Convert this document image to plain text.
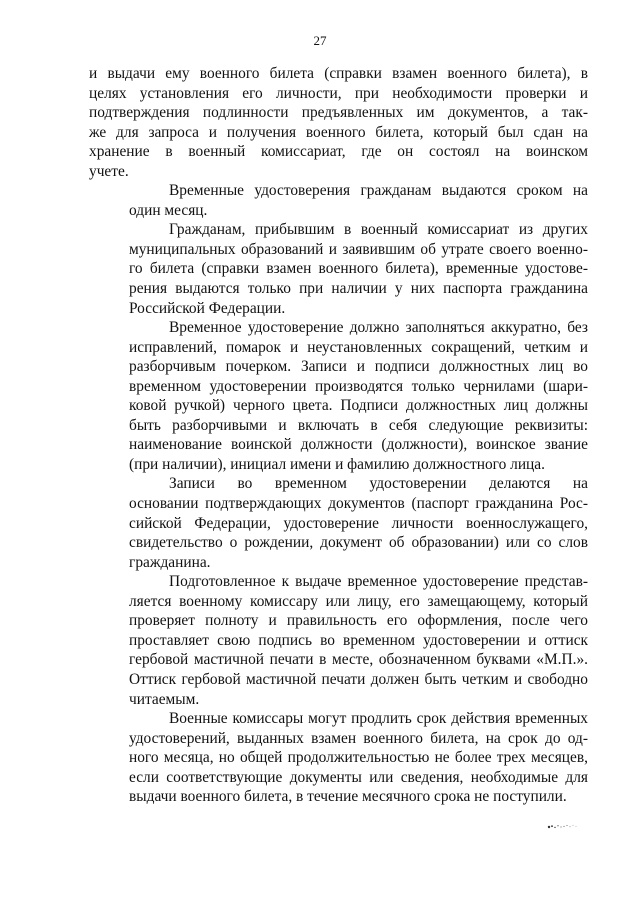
27

и выдачи ему военного билета (справки взамен военного билета), в
целях установления его личности, при необходимости проверки и
подтверждения подлинности предъявленных им документов, а так-
же для запроса и получения военного билета, который был сдан на
хранение в военный комиссариат, где он состоял на воинском
учете.

Временные удостоверения гражданам выдаются сроком на
один месяц.

Гражданам, прибывшим в военный комиссариат из других
муниципальных образований и заявившим об утрате своего военно-
го билета (справки взамен военного билета), временные удостове-
рения выдаются только при наличии у них паспорта гражданина
Российской Федерации.

Временное удостоверение должно заполняться аккуратно, без
исправлений, помарок и неустановленных сокращений, четким и
разборчивым почерком. Записи и подписи должностных лиц во
временном удостоверении производятся только чернилами (шари-
ковой ручкой) черного цвета. Подписи должностных лиц должны
быть разборчивыми и включать в себя следующие реквизиты:
наименование воинской должности (должности), воинское звание
(при наличии), инициал имени и фамилию должностного лица.

Записи во временном удостоверении делаются на
основании подтверждающих документов (паспорт гражданина Рос-
сийской Федерации, удостоверение личности военнослужащего,
свидетельство о рождении, документ об образовании) или со слов
гражданина.

Подготовленное к выдаче временное удостоверение представ-
ляется военному комиссару или лицу, его замещающему, который
проверяет полноту и правильность его оформления, после чего
проставляет свою подпись во временном удостоверении и оттиск
гербовой мастичной печати в месте, обозначенном буквами «М.П.».
Оттиск гербовой мастичной печати должен быть четким и свободно
читаемым.

Военные комиссары могут продлить срок действия временных
удостоверений, выданных взамен военного билета, на срок до од-
ного месяца, но общей продолжительностью не более трех месяцев,
если соответствующие документы или сведения, необходимые для
выдачи военного билета, в течение месячного срока не поступили.
